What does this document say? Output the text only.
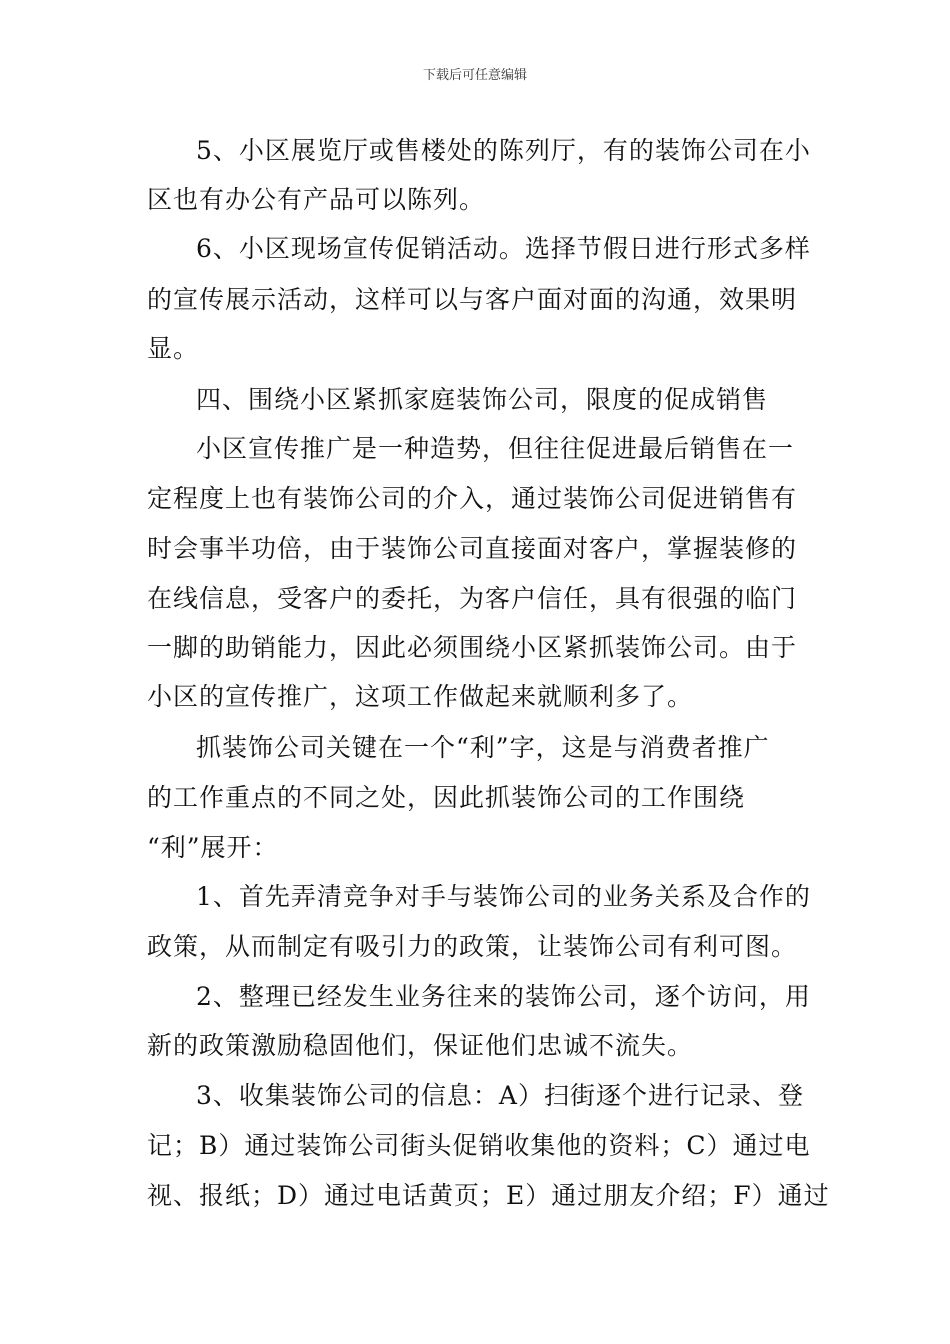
下载后可任意编辑
5、小区展览厅或售楼处的陈列厅，有的装饰公司在小
区也有办公有产品可以陈列。
6、小区现场宣传促销活动。选择节假日进行形式多样
的宣传展示活动，这样可以与客户面对面的沟通，效果明
显。
四、围绕小区紧抓家庭装饰公司，限度的促成销售
小区宣传推广是一种造势，但往往促进最后销售在一
定程度上也有装饰公司的介入，通过装饰公司促进销售有
时会事半功倍，由于装饰公司直接面对客户，掌握装修的
在线信息，受客户的委托，为客户信任，具有很强的临门
一脚的助销能力，因此必须围绕小区紧抓装饰公司。由于
小区的宣传推广，这项工作做起来就顺利多了。
抓装饰公司关键在一个“利”字，这是与消费者推广
的工作重点的不同之处，因此抓装饰公司的工作围绕
“利”展开：
1、首先弄清竞争对手与装饰公司的业务关系及合作的
政策，从而制定有吸引力的政策，让装饰公司有利可图。
2、整理已经发生业务往来的装饰公司，逐个访问，用
新的政策激励稳固他们，保证他们忠诚不流失。
3、收集装饰公司的信息：A）扫街逐个进行记录、登
记；B）通过装饰公司街头促销收集他的资料；C）通过电
视、报纸；D）通过电话黄页；E）通过朋友介绍；F）通过
